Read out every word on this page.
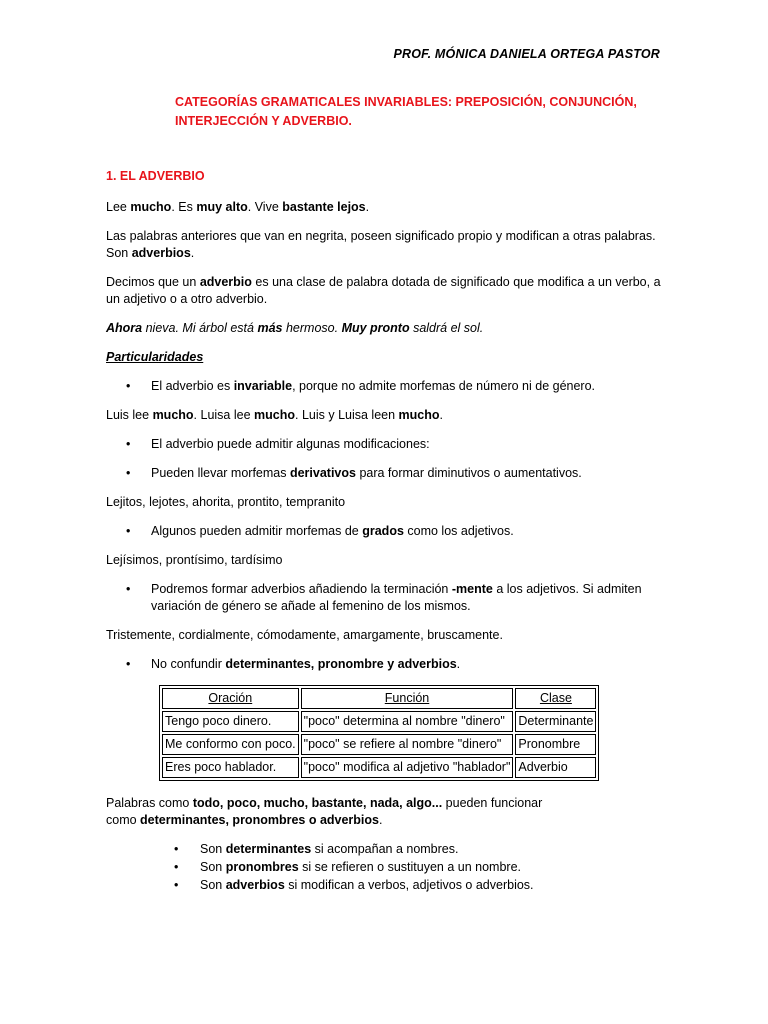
PROF. MÓNICA DANIELA ORTEGA PASTOR
CATEGORÍAS GRAMATICALES INVARIABLES: PREPOSICIÓN, CONJUNCIÓN,
INTERJECCIÓN Y ADVERBIO.
1. EL ADVERBIO

Lee mucho. Es muy alto. Vive bastante lejos.

Las palabras anteriores que van en negrita, poseen significado propio y modifican a otras palabras. Son adverbios.

Decimos que un adverbio es una clase de palabra dotada de significado que modifica a un verbo, a un adjetivo o a otro adverbio.

Ahora nieva. Mi árbol está más hermoso. Muy pronto saldrá el sol.

Particularidades

•	El adverbio es invariable, porque no admite morfemas de número ni de género.

Luis lee mucho. Luisa lee mucho. Luis y Luisa leen mucho.

•	El adverbio puede admitir algunas modificaciones:
•	Pueden llevar morfemas derivativos para formar diminutivos o aumentativos.

Lejitos, lejotes, ahorita, prontito, tempranito

•	Algunos pueden admitir morfemas de grados como los adjetivos.

Lejísimos, prontísimo, tardísimo

•	Podremos formar adverbios añadiendo la terminación -mente a los adjetivos. Si admiten variación de género se añade al femenino de los mismos.

Tristemente, cordialmente, cómodamente, amargamente, bruscamente.

•	No confundir determinantes, pronombre y adverbios.
Oración	Función	Clase
Tengo poco dinero.	"poco" determina al nombre "dinero"	Determinante
Me conformo con poco.	"poco" se refiere al nombre "dinero"	Pronombre
Eres poco hablador.	"poco" modifica al adjetivo "hablador"	Adverbio

Palabras como todo, poco, mucho, bastante, nada, algo... pueden funcionar

como determinantes, pronombres o adverbios.

•	Son determinantes si acompañan a nombres.
•	Son pronombres si se refieren o sustituyen a un nombre.
•	Son adverbios si modifican a verbos, adjetivos o adverbios.
